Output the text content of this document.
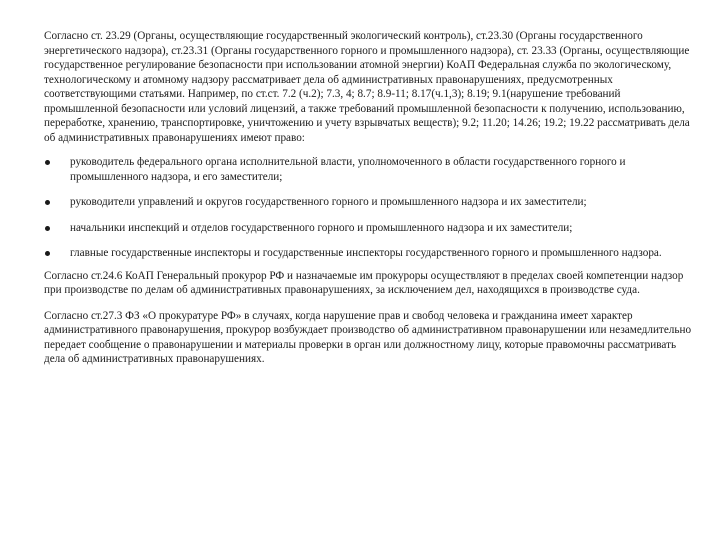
Согласно ст. 23.29 (Органы, осуществляющие государственный экологический контроль), ст.23.30 (Органы государственного энергетического надзора), ст.23.31 (Органы государственного горного и промышленного надзора), ст. 23.33 (Органы, осуществляющие государственное регулирование безопасности при использовании атомной энергии) КоАП Федеральная служба по экологическому, технологическому и атомному надзору рассматривает дела об административных правонарушениях, предусмотренных соответствующими статьями. Например, по ст.ст. 7.2 (ч.2); 7.3, 4; 8.7; 8.9-11; 8.17(ч.1,3); 8.19; 9.1(нарушение требований промышленной безопасности или условий лицензий, а также требований промышленной безопасности к получению, использованию, переработке, хранению, транспортировке, уничтожению и учету взрывчатых веществ); 9.2; 11.20; 14.26; 19.2; 19.22 рассматривать дела об административных правонарушениях имеют право:

руководитель федерального органа исполнительной власти, уполномоченного в области государственного горного и промышленного надзора, и его заместители;
руководители управлений и округов государственного горного и промышленного надзора и их заместители;
начальники инспекций и отделов государственного горного и промышленного надзора и их заместители;
главные государственные инспекторы и государственные инспекторы государственного горного и промышленного надзора.

Согласно ст.24.6 КоАП Генеральный прокурор РФ и назначаемые им прокуроры осуществляют в пределах своей компетенции надзор при производстве по делам об административных правонарушениях, за исключением дел, находящихся в производстве суда.

Согласно ст.27.3 ФЗ «О прокуратуре РФ» в случаях, когда нарушение прав и свобод человека и гражданина имеет характер административного правонарушения, прокурор возбуждает производство об административном правонарушении или незамедлительно передает сообщение о правонарушении и материалы проверки в орган или должностному лицу, которые правомочны рассматривать дела об административных правонарушениях.
